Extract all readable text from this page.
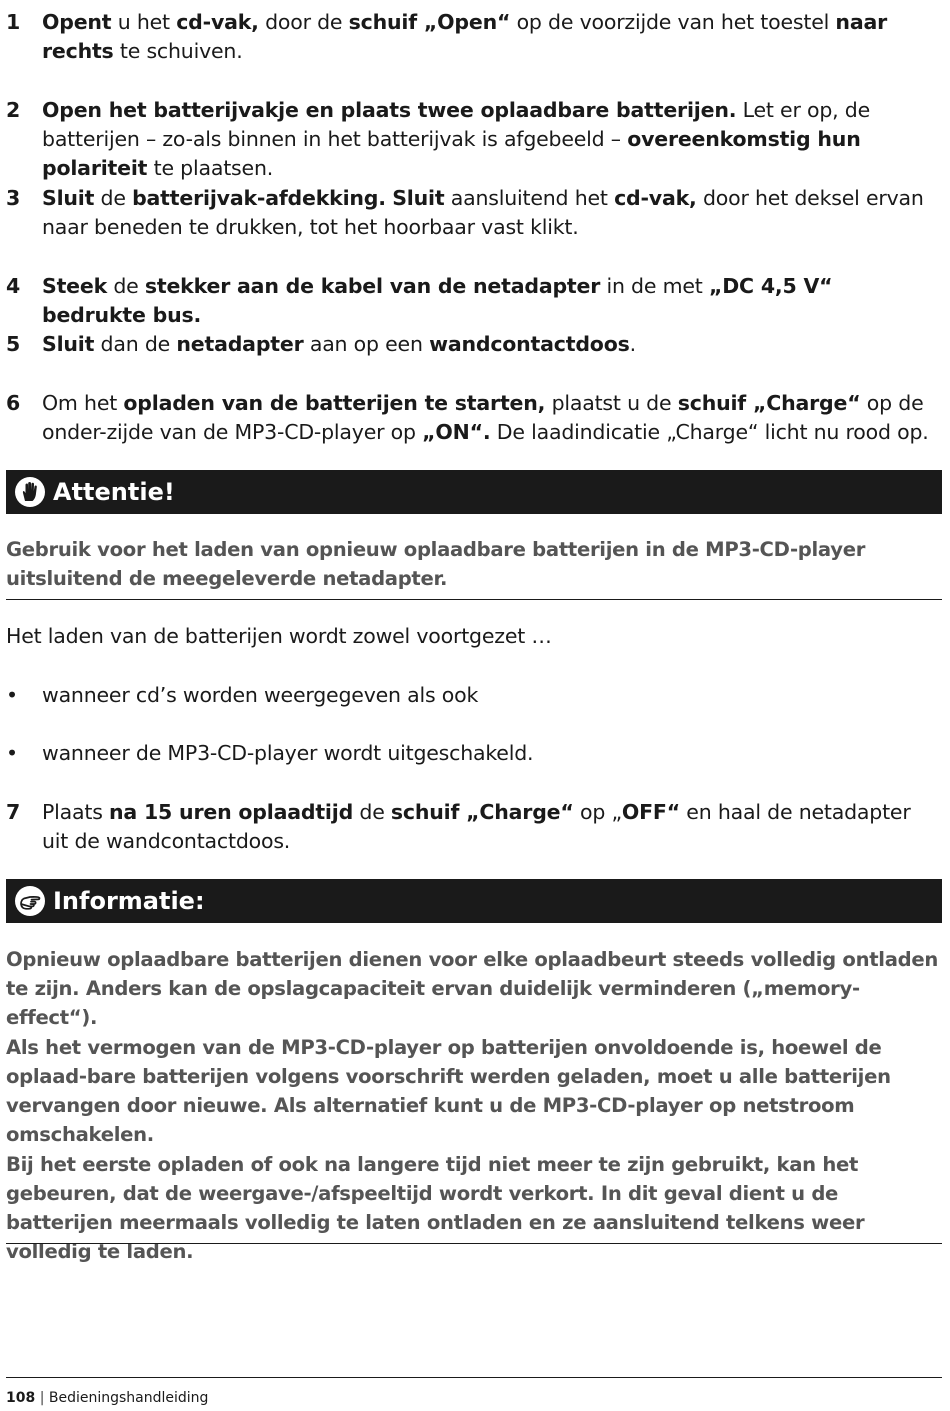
1	Opent u het cd-vak, door de schuif „Open“ op de voorzijde van het toestel naar rechts te schuiven.
2	Open het batterijvakje en plaats twee oplaadbare batterijen. Let er op, de batterijen – zo-als binnen in het batterijvak is afgebeeld – overeenkomstig hun polariteit te plaatsen.
3	Sluit de batterijvak-afdekking. Sluit aansluitend het cd-vak, door het deksel ervan naar beneden te drukken, tot het hoorbaar vast klikt.
4	Steek de stekker aan de kabel van de netadapter in de met „DC 4,5 V“ bedrukte bus.
5	Sluit dan de netadapter aan op een wandcontactdoos.
6	Om het opladen van de batterijen te starten, plaatst u de schuif „Charge“ op de onder-zijde van de MP3-CD-player op „ON“. De laadindicatie „Charge“ licht nu rood op.
Attentie!
Gebruik voor het laden van opnieuw oplaadbare batterijen in de MP3-CD-player uitsluitend de meegeleverde netadapter.
Het laden van de batterijen wordt zowel voortgezet …
•	wanneer cd’s worden weergegeven als ook
•	wanneer de MP3-CD-player wordt uitgeschakeld.
7	Plaats na 15 uren oplaadtijd de schuif „Charge“ op „OFF“ en haal de netadapter uit de wandcontactdoos.
Informatie:
Opnieuw oplaadbare batterijen dienen voor elke oplaadbeurt steeds volledig ontladen te zijn. Anders kan de opslagcapaciteit ervan duidelijk verminderen („memory-effect“).
Als het vermogen van de MP3-CD-player op batterijen onvoldoende is, hoewel de oplaad-bare batterijen volgens voorschrift werden geladen, moet u alle batterijen vervangen door nieuwe. Als alternatief kunt u de MP3-CD-player op netstroom omschakelen.
Bij het eerste opladen of ook na langere tijd niet meer te zijn gebruikt, kan het gebeuren, dat de weergave-/afspeeltijd wordt verkort. In dit geval dient u de batterijen meermaals volledig te laten ontladen en ze aansluitend telkens weer volledig te laden.
108 | Bedieningshandleiding
